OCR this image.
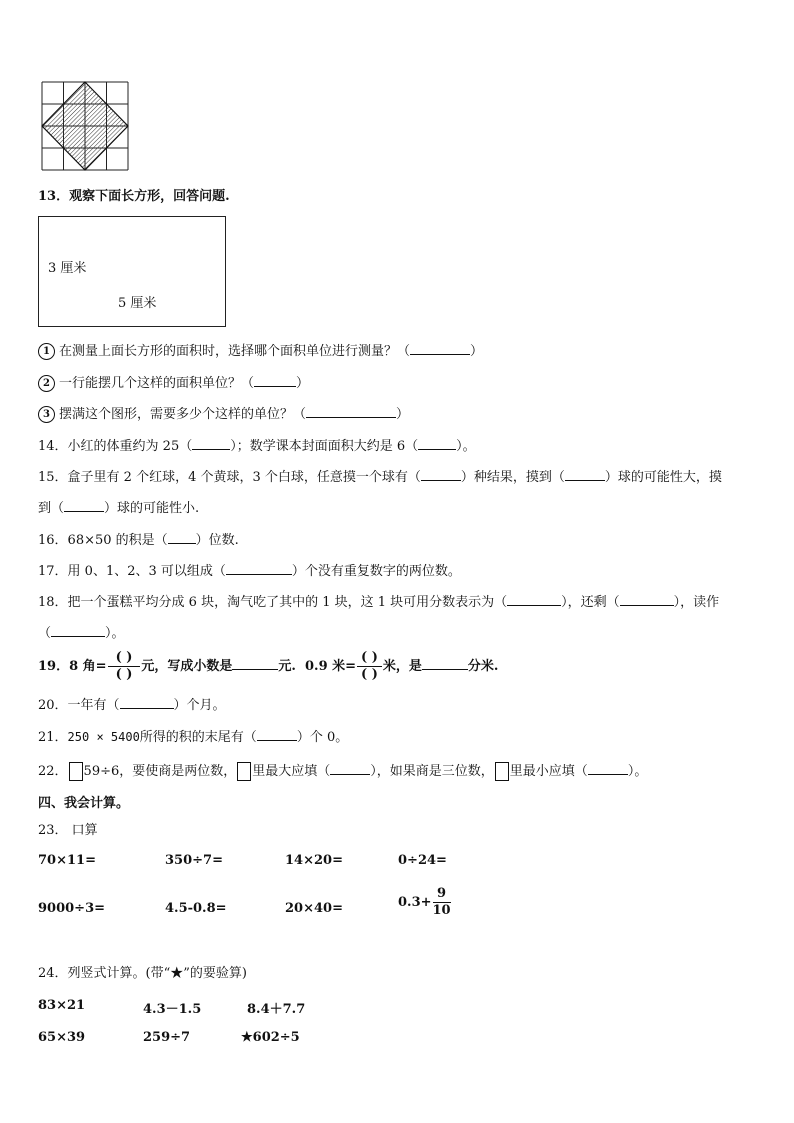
13．观察下面长方形，回答问题.
3 厘米
5 厘米
1 在测量上面长方形的面积时，选择哪个面积单位进行测量？（	）
2 一行能摆几个这样的面积单位？（	）
3 摆满这个图形，需要多少个这样的单位？（	）
14．小红的体重约为 25（	）；数学课本封面面积大约是 6（	）。
15．盒子里有 2 个红球，4 个黄球，3 个白球，任意摸一个球有（	）种结果，摸到（	）球的可能性大，摸
到（	）球的可能性小.
16．68×50 的积是（ ）位数.
17．用 0、1、2、3 可以组成（	）个没有重复数字的两位数。
18．把一个蛋糕平均分成 6 块，淘气吃了其中的 1 块，这 1 块可用分数表示为（	），还剩（	），读作
（	）。
19．8 角=
( )
( )
元，写成小数是	元. 0.9 米=
( )
( )
米，是	分米.
20．一年有（	）个月。
21．250 × 5400所得的积的末尾有（	）个 0。
22． 59÷6，要使商是两位数， 里最大应填（	），如果商是三位数， 里最小应填（	）。
四、我会计算。
23． 口算
70×11=	350÷7=	14×20=	0÷24=
9000÷3=	4.5-0.8=	20×40=	$0.3+ \frac{9}{10}$
24．列竖式计算。(带“★”的要验算)
83×21	4.3－1.5	8.4＋7.7
65×39	259÷7	★602÷5
